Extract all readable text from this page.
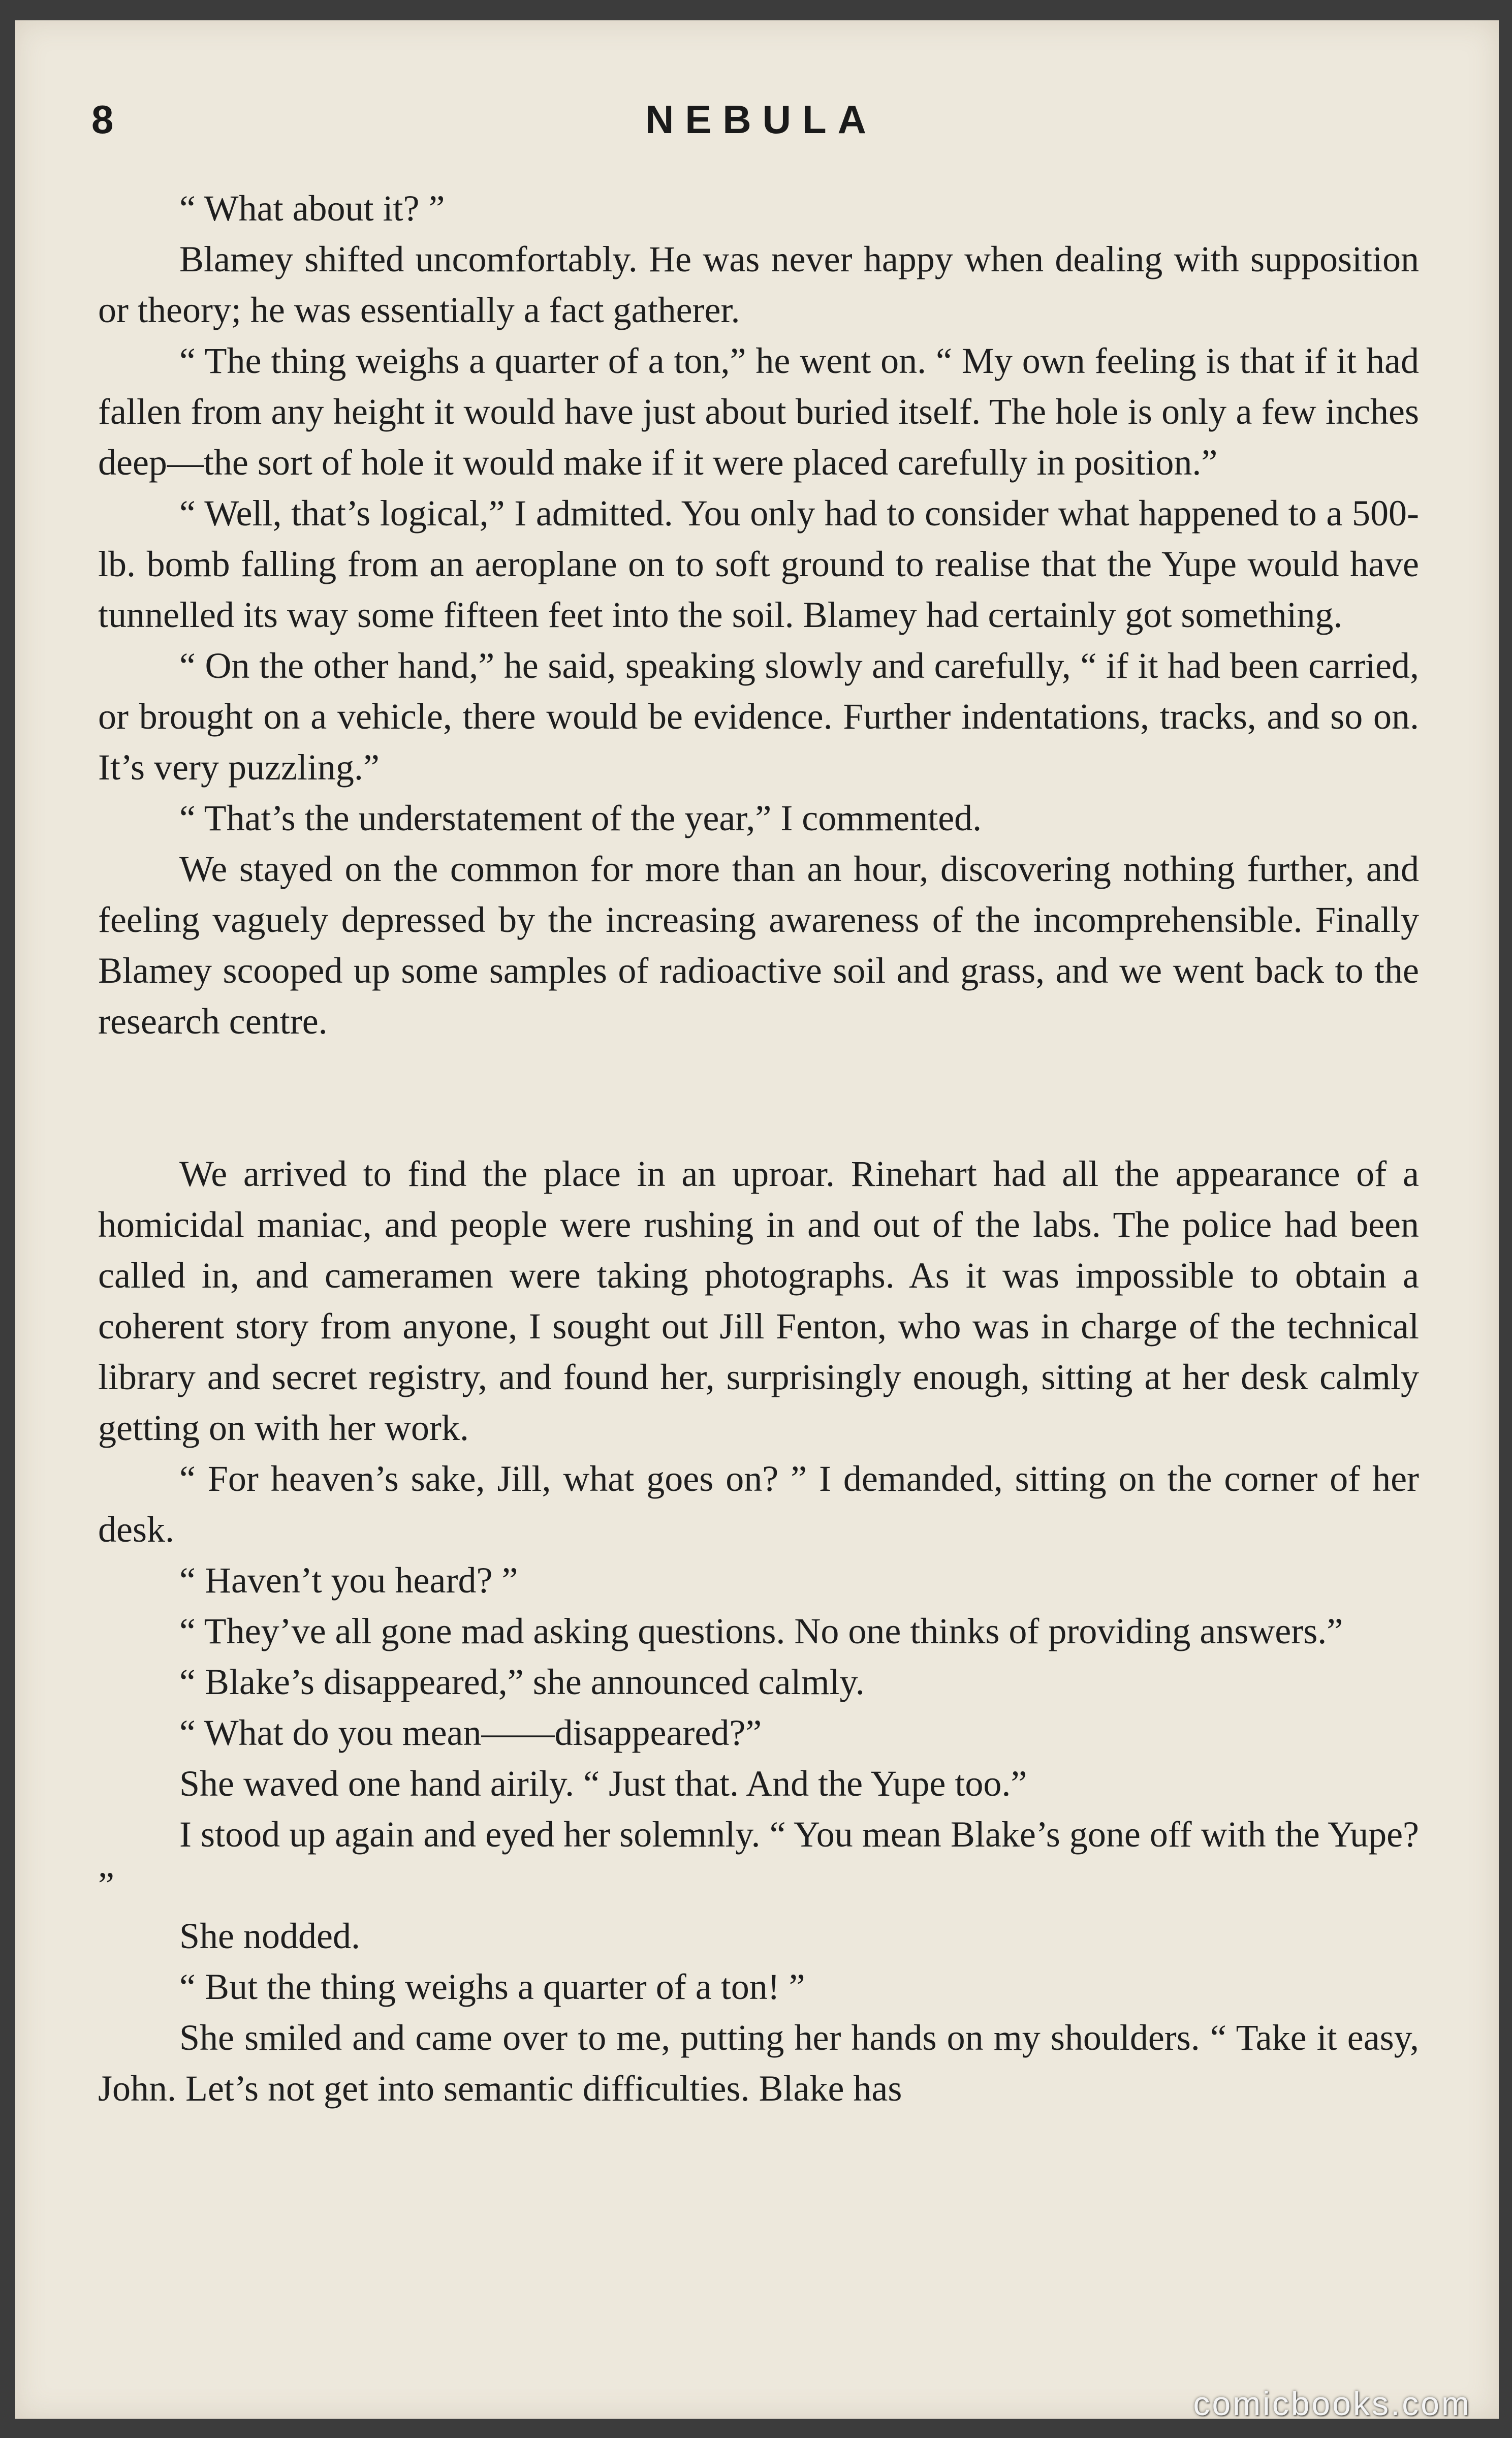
8	NEBULA

“ What about it? ”

Blamey shifted uncomfortably. He was never happy when dealing with supposition or theory; he was essentially a fact gatherer.

“ The thing weighs a quarter of a ton,” he went on. “ My own feeling is that if it had fallen from any height it would have just about buried itself. The hole is only a few inches deep—the sort of hole it would make if it were placed carefully in position.”

“ Well, that’s logical,” I admitted. You only had to consider what happened to a 500-lb. bomb falling from an aeroplane on to soft ground to realise that the Yupe would have tunnelled its way some fifteen feet into the soil. Blamey had certainly got something.

“ On the other hand,” he said, speaking slowly and carefully, “ if it had been carried, or brought on a vehicle, there would be evidence. Further indentations, tracks, and so on. It’s very puzzling.”

“ That’s the understatement of the year,” I commented.

We stayed on the common for more than an hour, discovering nothing further, and feeling vaguely depressed by the increasing awareness of the incomprehensible. Finally Blamey scooped up some samples of radioactive soil and grass, and we went back to the research centre.

We arrived to find the place in an uproar. Rinehart had all the appearance of a homicidal maniac, and people were rushing in and out of the labs. The police had been called in, and cameramen were taking photographs. As it was impossible to obtain a coherent story from anyone, I sought out Jill Fenton, who was in charge of the technical library and secret registry, and found her, surprisingly enough, sitting at her desk calmly getting on with her work.

“ For heaven’s sake, Jill, what goes on? ” I demanded, sitting on the corner of her desk.

“ Haven’t you heard? ”

“ They’ve all gone mad asking questions. No one thinks of providing answers.”

“ Blake’s disappeared,” she announced calmly.

“ What do you mean——disappeared?”

She waved one hand airily. “ Just that. And the Yupe too.”

I stood up again and eyed her solemnly. “ You mean Blake’s gone off with the Yupe? ”

She nodded.

“ But the thing weighs a quarter of a ton! ”

She smiled and came over to me, putting her hands on my shoulders. “ Take it easy, John. Let’s not get into semantic difficulties. Blake has

comicbooks.com
